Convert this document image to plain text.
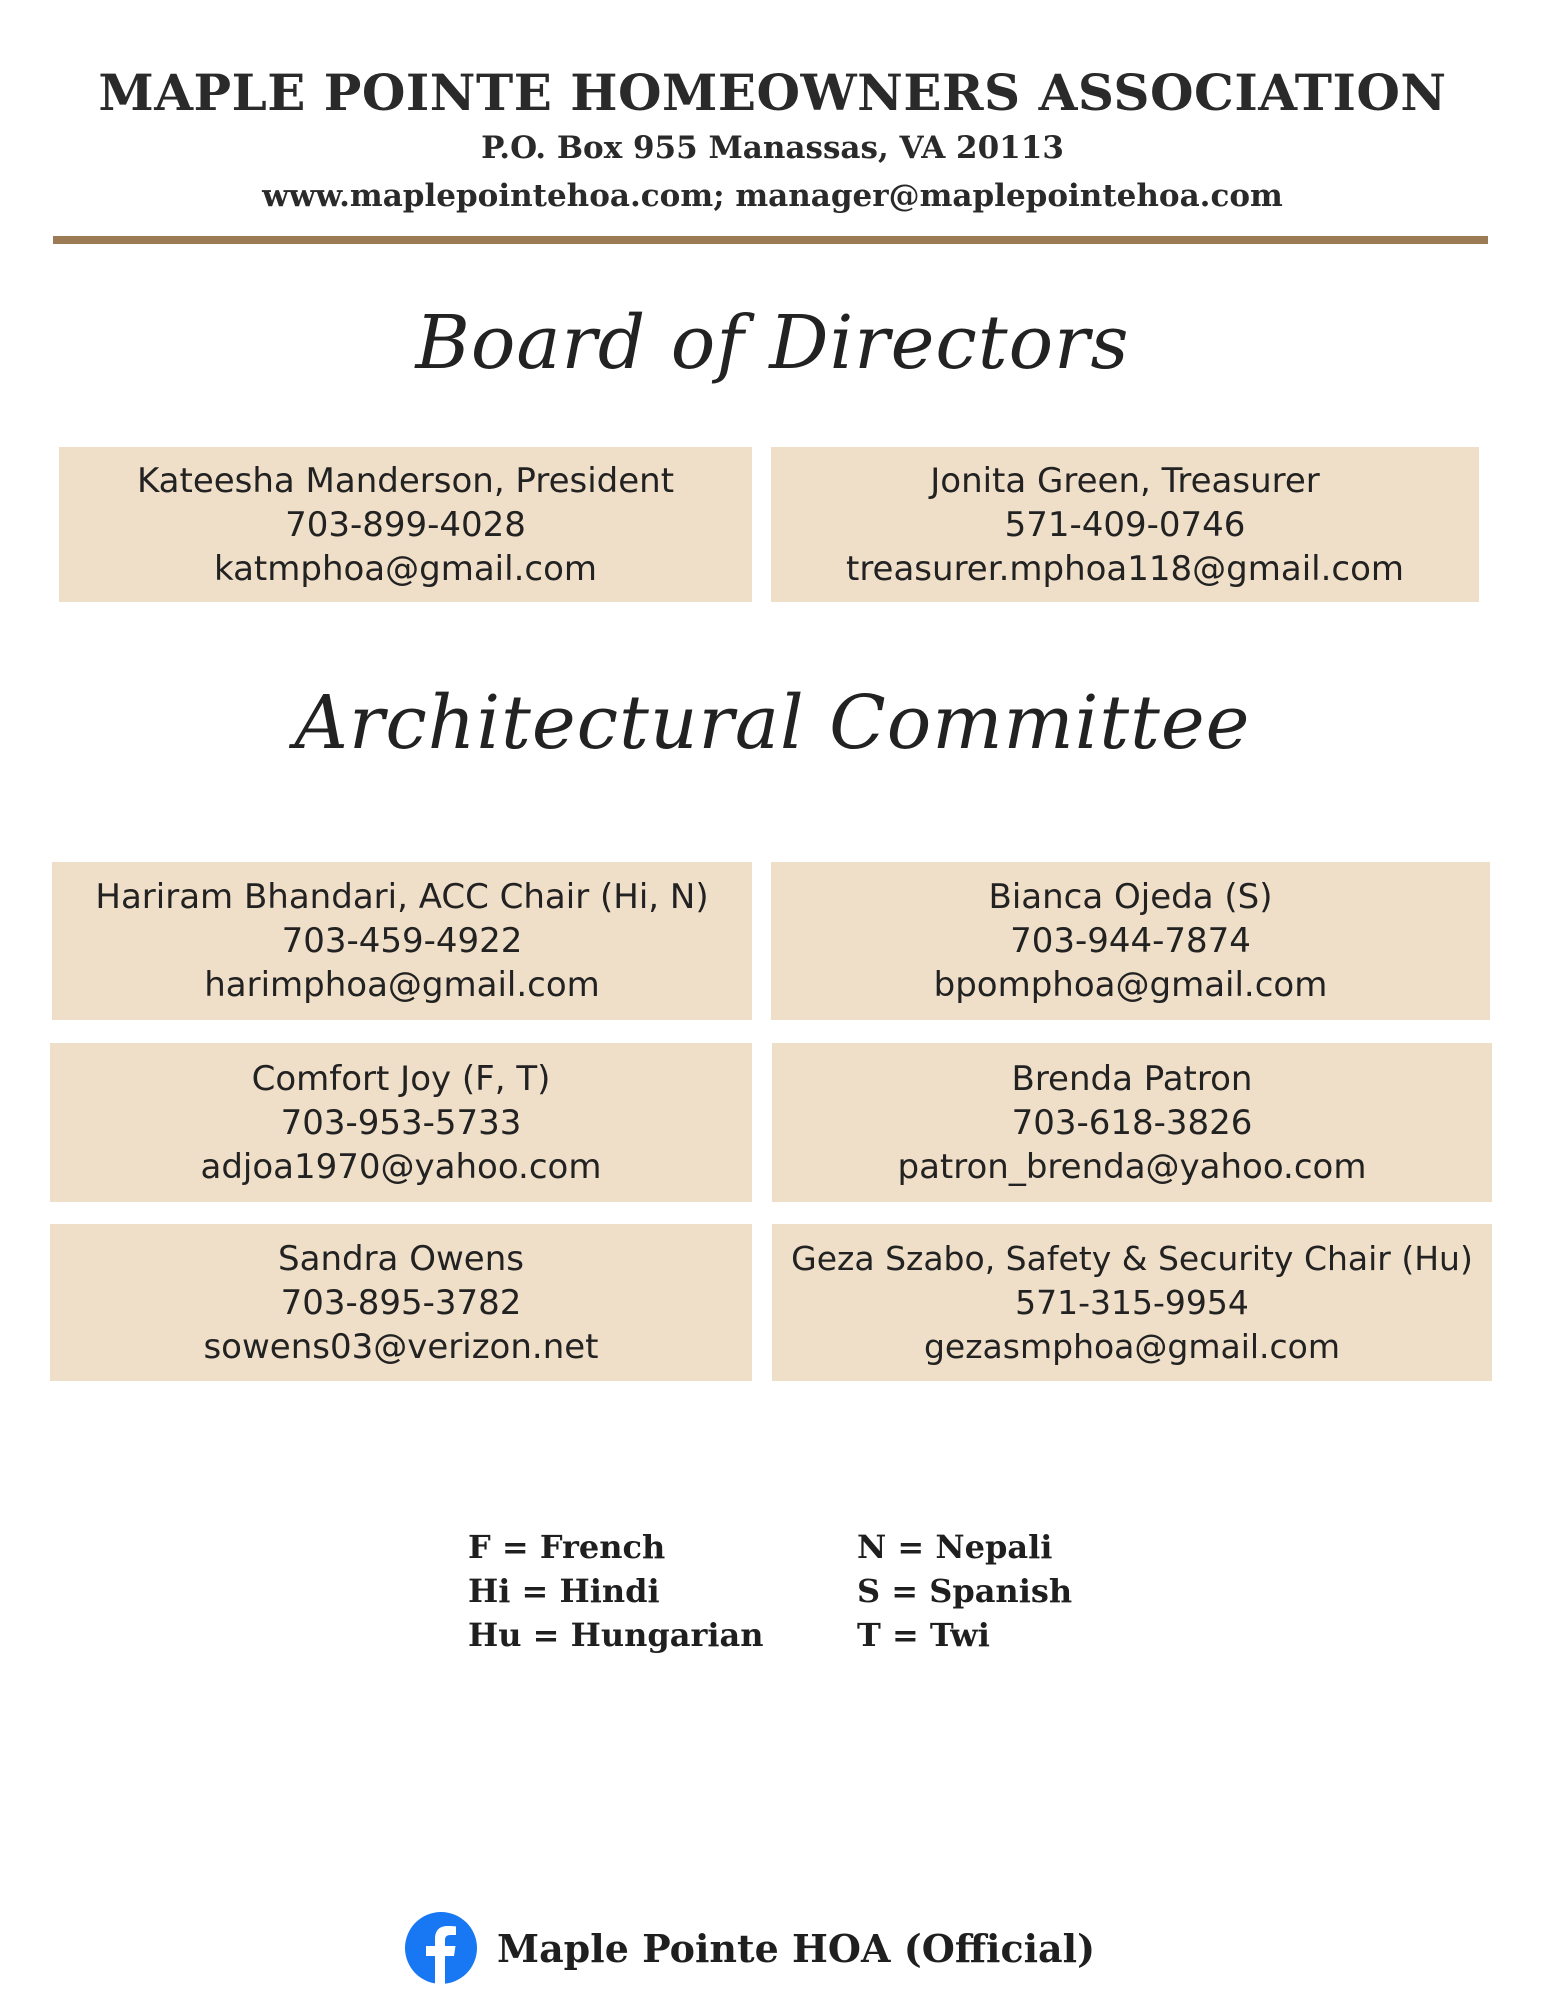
MAPLE POINTE HOMEOWNERS ASSOCIATION
P.O. Box 955 Manassas, VA 20113
www.maplepointehoa.com; manager@maplepointehoa.com
Board of Directors
Kateesha Manderson, President
703-899-4028
katmphoa@gmail.com
Jonita Green, Treasurer
571-409-0746
treasurer.mphoa118@gmail.com
Architectural Committee
Hariram Bhandari, ACC Chair (Hi, N)
703-459-4922
harimphoa@gmail.com
Bianca Ojeda (S)
703-944-7874
bpomphoa@gmail.com
Comfort Joy (F, T)
703-953-5733
adjoa1970@yahoo.com
Brenda Patron
703-618-3826
patron_brenda@yahoo.com
Sandra Owens
703-895-3782
sowens03@verizon.net
Geza Szabo, Safety & Security Chair (Hu)
571-315-9954
gezasmphoa@gmail.com
F = French
Hi = Hindi
Hu = Hungarian
N = Nepali
S = Spanish
T = Twi
Maple Pointe HOA (Official)
